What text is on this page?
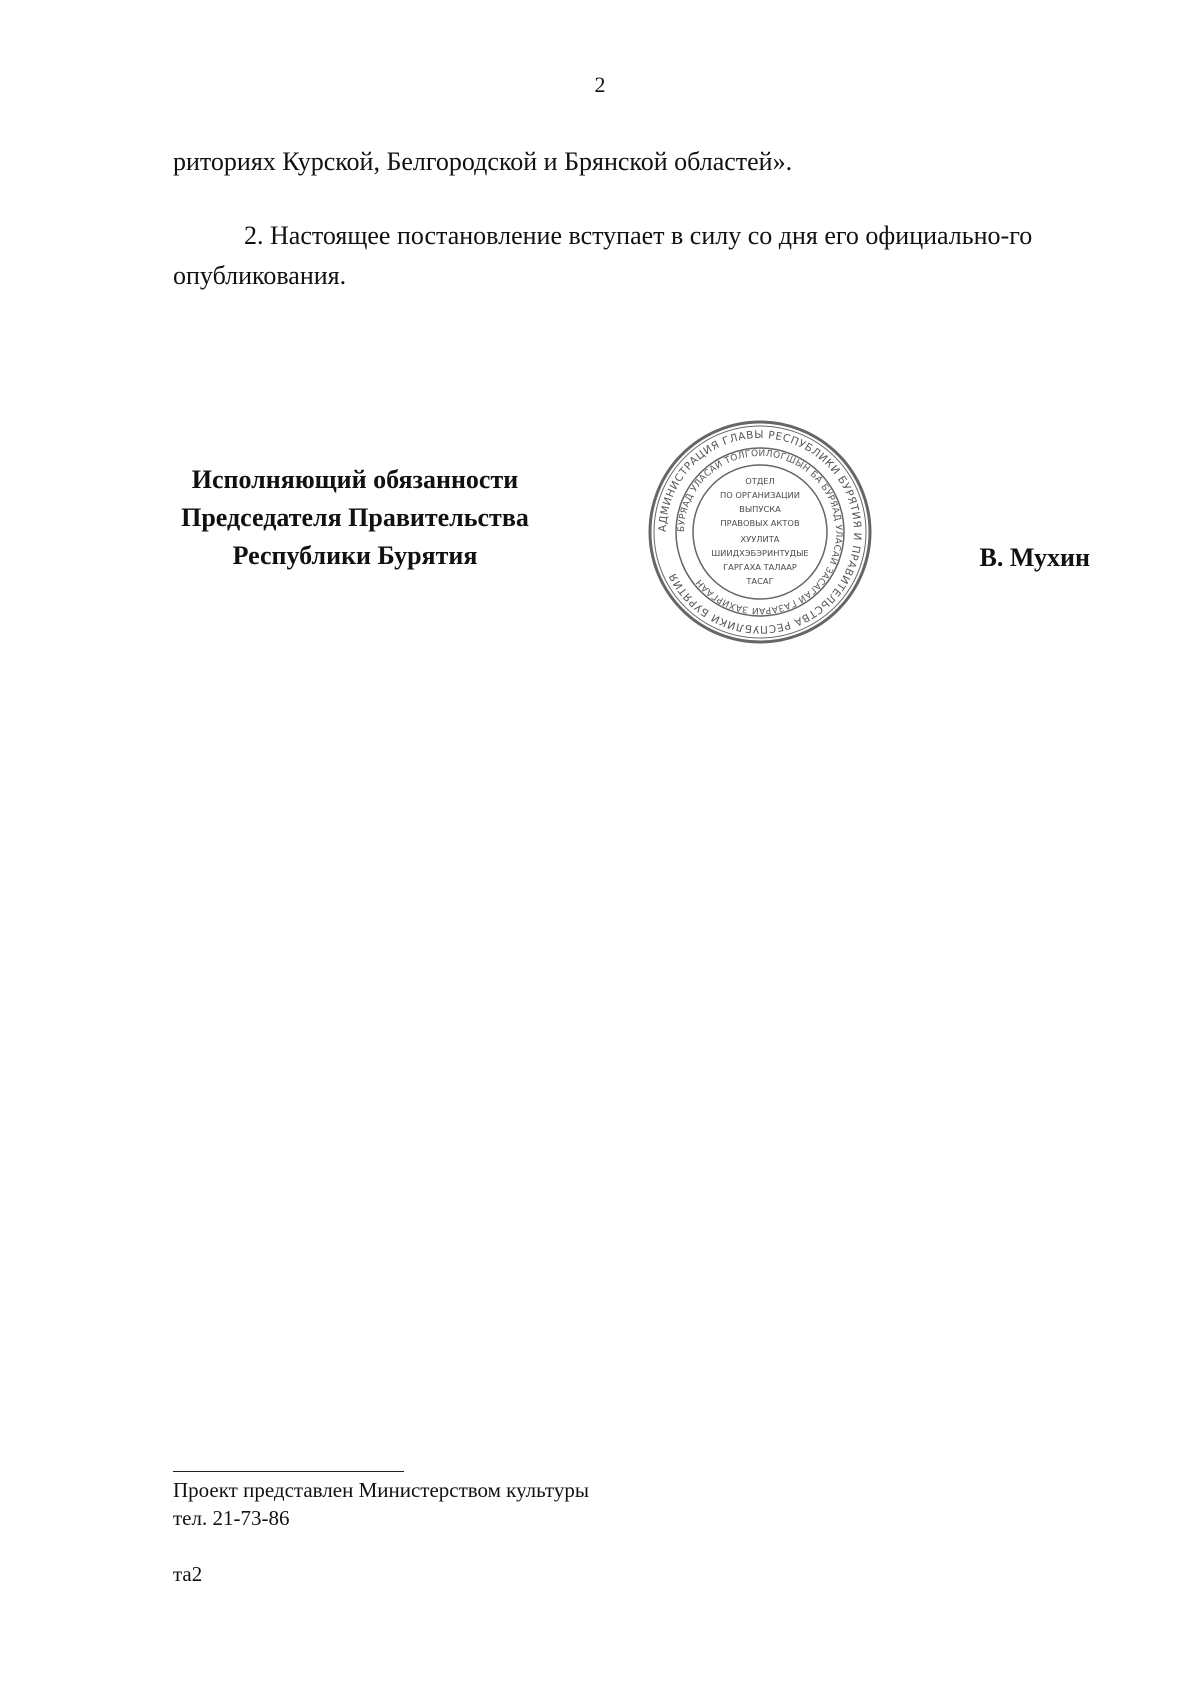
2
риториях Курской, Белгородской и Брянской областей».
2. Настоящее постановление вступает в силу со дня его официально-го опубликования.
Исполняющий обязанности
Председателя Правительства
Республики Бурятия
АДМИНИСТРАЦИЯ ГЛАВЫ РЕСПУБЛИКИ БУРЯТИЯ И ПРАВИТЕЛЬСТВА РЕСПУБЛИКИ БУРЯТИЯ
БУРЯАД УЛАСАЙ ТОЛГОЙЛОГШЫН БА БУРЯАД УЛАСАЙ ЗАСАГАЙ ГАЗАРАЙ ЗАХИРГААН
ОТДЕЛ
ПО ОРГАНИЗАЦИИ
ВЫПУСКА
ПРАВОВЫХ АКТОВ
ХУУЛИТА
ШИИДХЭБЭРИНТУДЫЕ
ГАРГАХА ТАЛААР
ТАСАГ
В. Мухин
Проект представлен Министерством культуры
тел. 21-73-86
та2
